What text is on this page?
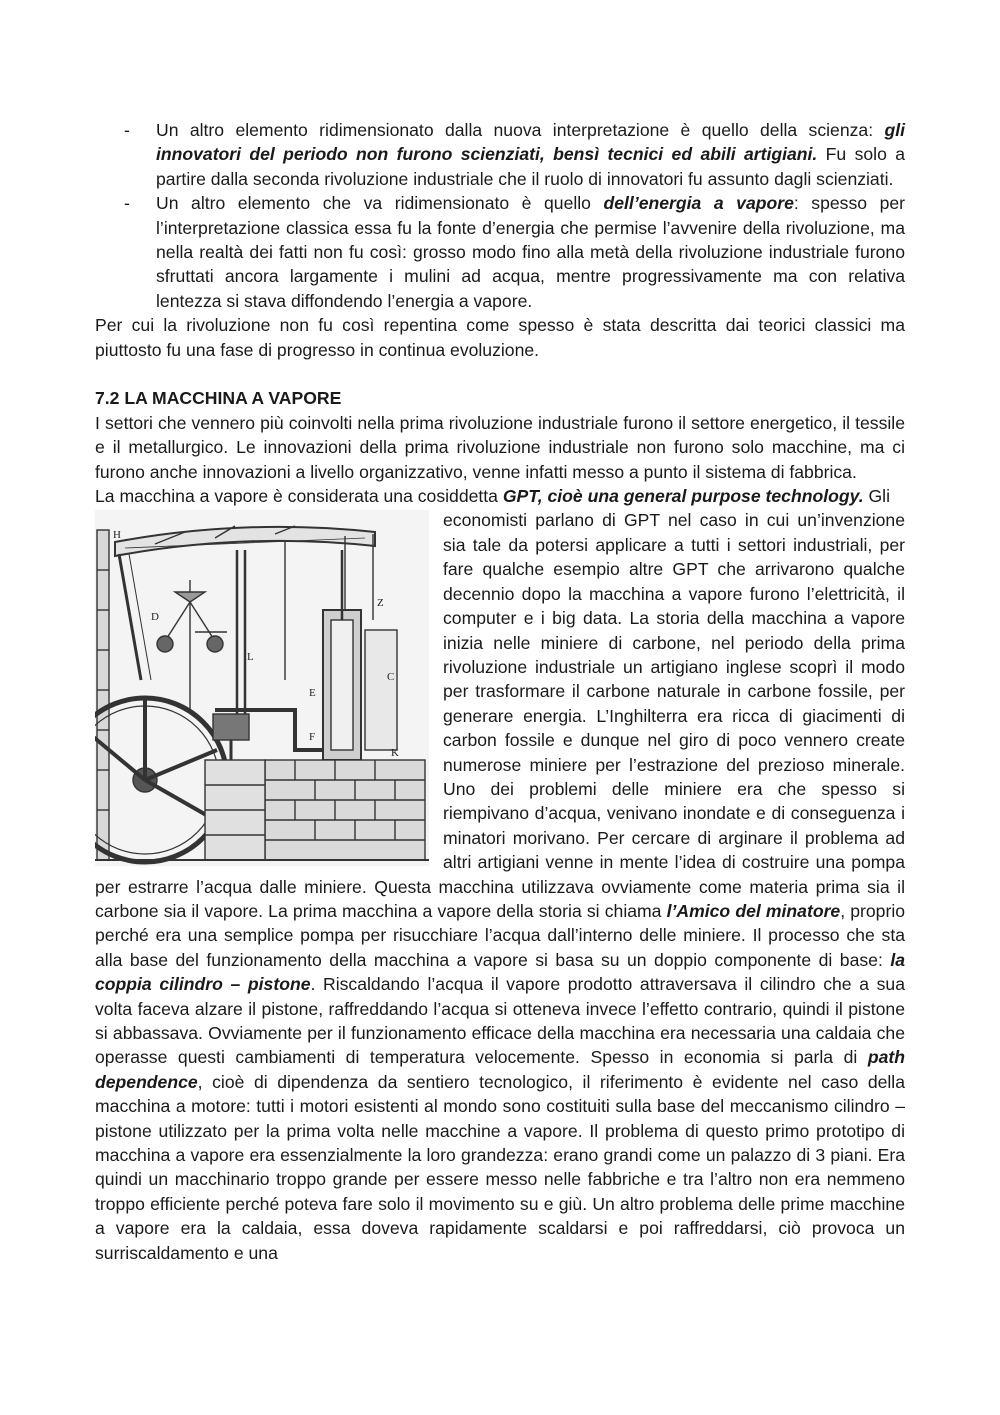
- Un altro elemento ridimensionato dalla nuova interpretazione è quello della scienza: gli innovatori del periodo non furono scienziati, bensì tecnici ed abili artigiani. Fu solo a partire dalla seconda rivoluzione industriale che il ruolo di innovatori fu assunto dagli scienziati.
- Un altro elemento che va ridimensionato è quello dell’energia a vapore: spesso per l’interpretazione classica essa fu la fonte d’energia che permise l’avvenire della rivoluzione, ma nella realtà dei fatti non fu così: grosso modo fino alla metà della rivoluzione industriale furono sfruttati ancora largamente i mulini ad acqua, mentre progressivamente ma con relativa lentezza si stava diffondendo l’energia a vapore.

Per cui la rivoluzione non fu così repentina come spesso è stata descritta dai teorici classici ma piuttosto fu una fase di progresso in continua evoluzione.

7.2 LA MACCHINA A VAPORE

I settori che vennero più coinvolti nella prima rivoluzione industriale furono il settore energetico, il tessile e il metallurgico. Le innovazioni della prima rivoluzione industriale non furono solo macchine, ma ci furono anche innovazioni a livello organizzativo, venne infatti messo a punto il sistema di fabbrica.

La macchina a vapore è considerata una cosiddetta GPT, cioè una general purpose technology. Gli

H
D
L
Z
C
E
F
K

economisti parlano di GPT nel caso in cui un’invenzione sia tale da potersi applicare a tutti i settori industriali, per fare qualche esempio altre GPT che arrivarono qualche decennio dopo la macchina a vapore furono l’elettricità, il computer e i big data. La storia della macchina a vapore inizia nelle miniere di carbone, nel periodo della prima rivoluzione industriale un artigiano inglese scoprì il modo per trasformare il carbone naturale in carbone fossile, per generare energia. L’Inghilterra era ricca di giacimenti di carbon fossile e dunque nel giro di poco vennero create numerose miniere per l’estrazione del prezioso minerale. Uno dei problemi delle miniere era che spesso si riempivano d’acqua, venivano inondate e di conseguenza i minatori morivano. Per cercare di arginare il problema ad altri artigiani venne in mente l’idea di costruire una pompa per estrarre l’acqua dalle miniere. Questa macchina utilizzava ovviamente come materia prima sia il carbone sia il vapore. La prima macchina a vapore della storia si chiama l’Amico del minatore, proprio perché era una semplice pompa per risucchiare l’acqua dall’interno delle miniere. Il processo che sta alla base del funzionamento della macchina a vapore si basa su un doppio componente di base: la coppia cilindro – pistone. Riscaldando l’acqua il vapore prodotto attraversava il cilindro che a sua volta faceva alzare il pistone, raffreddando l’acqua si otteneva invece l’effetto contrario, quindi il pistone si abbassava. Ovviamente per il funzionamento efficace della macchina era necessaria una caldaia che operasse questi cambiamenti di temperatura velocemente. Spesso in economia si parla di path dependence, cioè di dipendenza da sentiero tecnologico, il riferimento è evidente nel caso della macchina a motore: tutti i motori esistenti al mondo sono costituiti sulla base del meccanismo cilindro – pistone utilizzato per la prima volta nelle macchine a vapore. Il problema di questo primo prototipo di macchina a vapore era essenzialmente la loro grandezza: erano grandi come un palazzo di 3 piani. Era quindi un macchinario troppo grande per essere messo nelle fabbriche e tra l’altro non era nemmeno troppo efficiente perché poteva fare solo il movimento su e giù. Un altro problema delle prime macchine a vapore era la caldaia, essa doveva rapidamente scaldarsi e poi raffreddarsi, ciò provoca un surriscaldamento e una
